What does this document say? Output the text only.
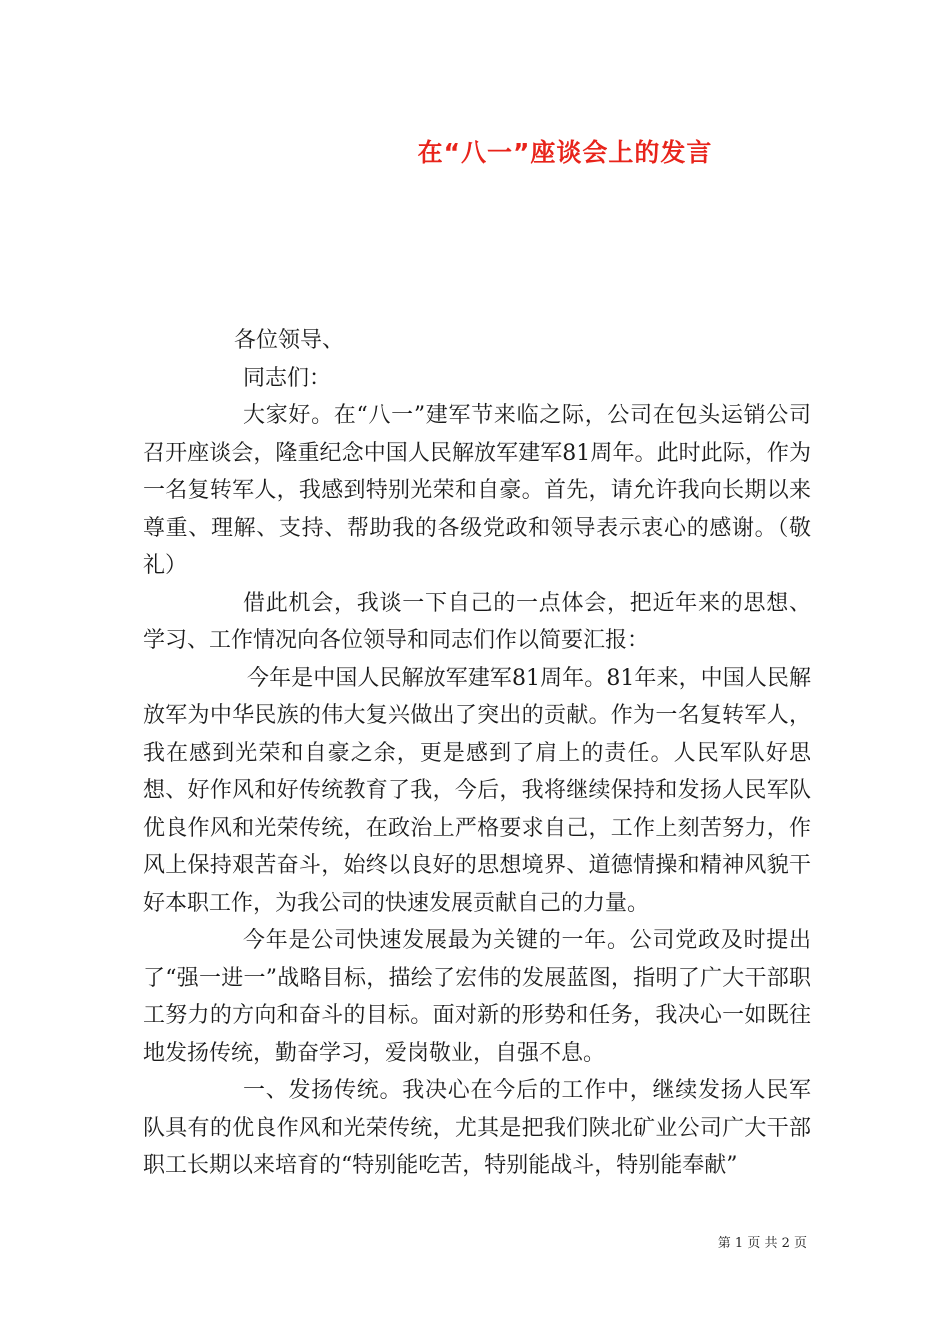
在“八一”座谈会上的发言

各位领导、

同志们：

大家好。在“八一”建军节来临之际，公司在包头运销公司召开座谈会，隆重纪念中国人民解放军建军81周年。此时此际，作为一名复转军人，我感到特别光荣和自豪。首先，请允许我向长期以来尊重、理解、支持、帮助我的各级党政和领导表示衷心的感谢。（敬礼）

借此机会，我谈一下自己的一点体会，把近年来的思想、学习、工作情况向各位领导和同志们作以简要汇报：

今年是中国人民解放军建军81周年。81年来，中国人民解放军为中华民族的伟大复兴做出了突出的贡献。作为一名复转军人，我在感到光荣和自豪之余，更是感到了肩上的责任。人民军队好思想、好作风和好传统教育了我，今后，我将继续保持和发扬人民军队优良作风和光荣传统，在政治上严格要求自己，工作上刻苦努力，作风上保持艰苦奋斗，始终以良好的思想境界、道德情操和精神风貌干好本职工作，为我公司的快速发展贡献自己的力量。

今年是公司快速发展最为关键的一年。公司党政及时提出了“强一进一”战略目标，描绘了宏伟的发展蓝图，指明了广大干部职工努力的方向和奋斗的目标。面对新的形势和任务，我决心一如既往地发扬传统，勤奋学习，爱岗敬业，自强不息。

一、发扬传统。我决心在今后的工作中，继续发扬人民军队具有的优良作风和光荣传统，尤其是把我们陕北矿业公司广大干部职工长期以来培育的“特别能吃苦，特别能战斗，特别能奉献”

第 1 页 共 2 页
